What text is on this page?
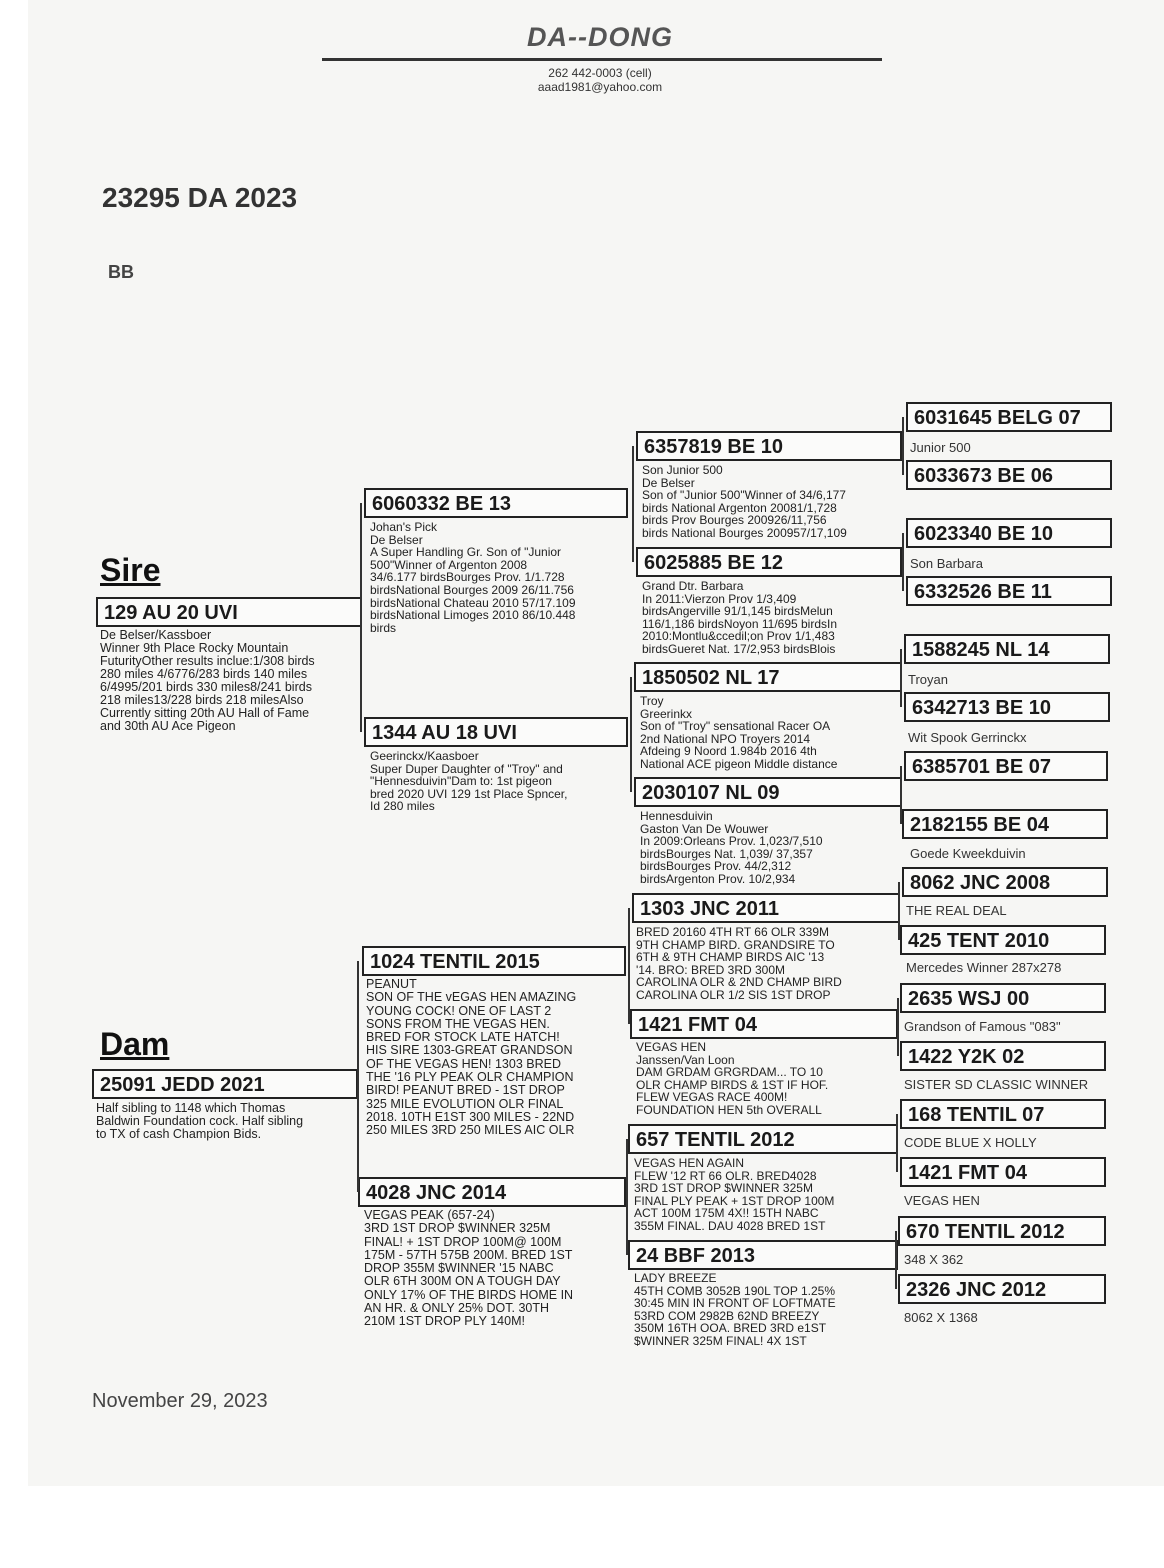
DA--DONG
262 442-0003 (cell)
aaad1981@yahoo.com
23295 DA 2023
BB
Sire
129 AU 20 UVI
De Belser/Kassboer
Winner 9th Place Rocky Mountain
FuturityOther results inclue:1/308 birds
280 miles 4/6776/283 birds 140 miles
6/4995/201 birds 330 miles8/241 birds
218 miles13/228 birds 218 milesAlso
Currently sitting 20th AU Hall of Fame
and 30th AU Ace Pigeon
Dam
25091 JEDD 2021
Half sibling to 1148 which Thomas
Baldwin Foundation cock. Half sibling
to TX of cash Champion Bids.
6060332 BE 13
Johan's Pick
De Belser
A Super Handling Gr. Son of "Junior
500"Winner of Argenton 2008
34/6.177 birdsBourges Prov. 1/1.728
birdsNational Bourges 2009 26/11.756
birdsNational Chateau 2010 57/17.109
birdsNational Limoges 2010 86/10.448
birds
1344 AU 18 UVI
Geerinckx/Kaasboer
Super Duper Daughter of "Troy" and
"Hennesduivin"Dam to: 1st pigeon
bred 2020 UVI 129 1st Place Spncer,
Id 280 miles
1024 TENTIL 2015
PEANUT
SON OF THE vEGAS HEN AMAZING
YOUNG COCK! ONE OF LAST 2
SONS FROM THE VEGAS HEN.
BRED FOR STOCK LATE HATCH!
HIS SIRE 1303-GREAT GRANDSON
OF THE VEGAS HEN! 1303 BRED
THE '16 PLY PEAK OLR CHAMPION
BIRD! PEANUT BRED - 1ST DROP
325 MILE EVOLUTION OLR FINAL
2018. 10TH E1ST 300 MILES - 22ND
250 MILES 3RD 250 MILES AIC OLR
4028 JNC 2014
VEGAS PEAK (657-24)
3RD 1ST DROP $WINNER 325M
FINAL! + 1ST DROP 100M@ 100M
175M - 57TH 575B 200M. BRED 1ST
DROP 355M $WINNER '15 NABC
OLR 6TH 300M ON A TOUGH DAY
ONLY 17% OF THE BIRDS HOME IN
AN HR. & ONLY 25% DOT. 30TH
210M 1ST DROP PLY 140M!
6357819 BE 10
Son Junior 500
De Belser
Son of "Junior 500"Winner of 34/6,177
birds National Argenton 20081/1,728
birds Prov Bourges 200926/11,756
birds National Bourges 200957/17,109
6025885 BE 12
Grand Dtr. Barbara
In 2011:Vierzon Prov 1/3,409
birdsAngerville 91/1,145 birdsMelun
116/1,186 birdsNoyon 11/695 birdsIn
2010:Montlu&ccedil;on Prov 1/1,483
birdsGueret Nat. 17/2,953 birdsBlois
1850502 NL 17
Troy
Greerinkx
Son of "Troy" sensational Racer OA
2nd National NPO Troyers 2014
Afdeing 9 Noord 1.984b 2016 4th
National ACE pigeon Middle distance
2030107 NL 09
Hennesduivin
Gaston Van De Wouwer
In 2009:Orleans Prov. 1,023/7,510
birdsBourges Nat. 1,039/ 37,357
birdsBourges Prov. 44/2,312
birdsArgenton Prov. 10/2,934
1303 JNC 2011
BRED 20160 4TH RT 66 OLR 339M
9TH CHAMP BIRD. GRANDSIRE TO
6TH & 9TH CHAMP BIRDS AIC '13
'14. BRO: BRED 3RD 300M
CAROLINA OLR & 2ND CHAMP BIRD
CAROLINA OLR 1/2 SIS 1ST DROP
1421 FMT 04
VEGAS HEN
Janssen/Van Loon
DAM GRDAM GRGRDAM... TO 10
OLR CHAMP BIRDS & 1ST IF HOF.
FLEW VEGAS RACE 400M!
FOUNDATION HEN 5th OVERALL
657 TENTIL 2012
VEGAS HEN AGAIN
FLEW '12 RT 66 OLR. BRED4028
3RD 1ST DROP $WINNER 325M
FINAL PLY PEAK + 1ST DROP 100M
ACT 100M 175M 4X!! 15TH NABC
355M FINAL. DAU 4028 BRED 1ST
24 BBF 2013
LADY BREEZE
45TH COMB 3052B 190L TOP 1.25%
30:45 MIN IN FRONT OF LOFTMATE
53RD COM 2982B 62ND BREEZY
350M 16TH OOA. BRED 3RD e1ST
$WINNER 325M FINAL! 4X 1ST
6031645 BELG 07
Junior 500
6033673 BE 06
6023340 BE 10
Son Barbara
6332526 BE 11
1588245 NL 14
Troyan
6342713 BE 10
Wit Spook Gerrinckx
6385701 BE 07
2182155 BE 04
Goede Kweekduivin
8062 JNC 2008
THE REAL DEAL
425 TENT 2010
Mercedes Winner 287x278
2635 WSJ 00
Grandson of Famous "083"
1422 Y2K 02
SISTER SD CLASSIC WINNER
168 TENTIL 07
CODE BLUE X HOLLY
1421 FMT 04
VEGAS HEN
670 TENTIL 2012
348 X 362
2326 JNC 2012
8062 X 1368
November 29, 2023
